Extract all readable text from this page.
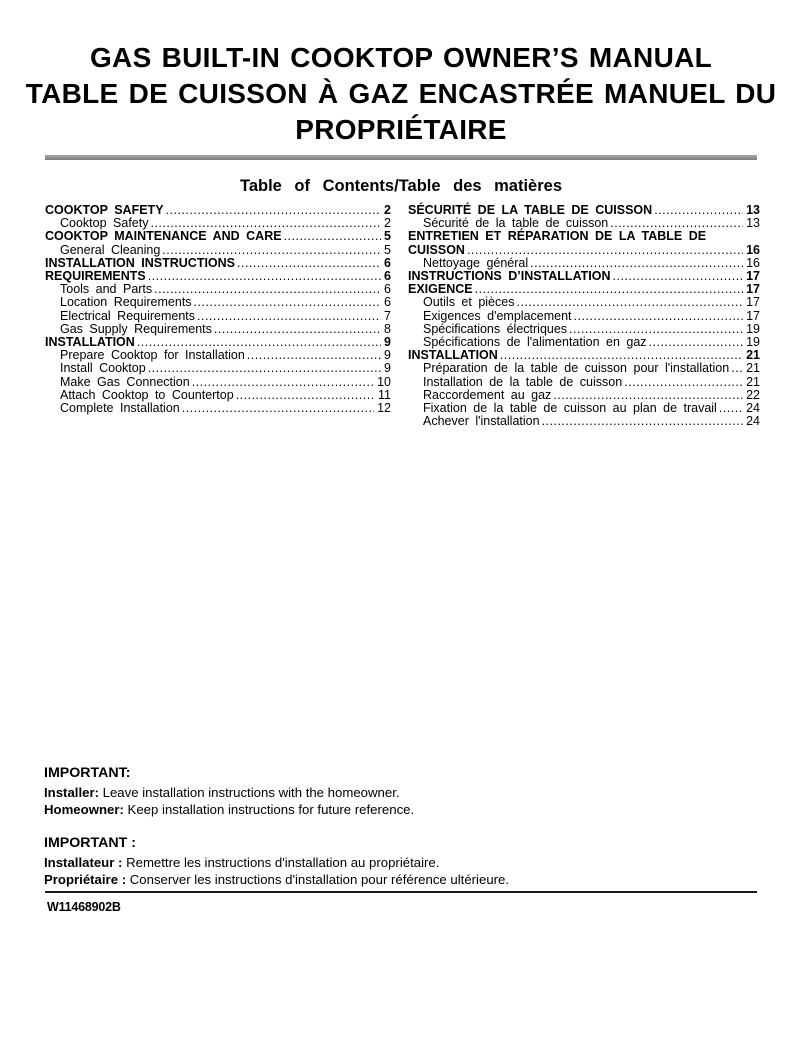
GAS BUILT-IN COOKTOP OWNER’S MANUAL
TABLE DE CUISSON À GAZ ENCASTRÉE MANUEL DU
PROPRIÉTAIRE
Table of Contents/Table des matières
COOKTOP SAFETY .....	2
Cooktop Safety .....	2
COOKTOP MAINTENANCE AND CARE .....	5
General Cleaning .....	5
INSTALLATION INSTRUCTIONS .....	6
REQUIREMENTS .....	6
Tools and Parts .....	6
Location Requirements .....	6
Electrical Requirements .....	7
Gas Supply Requirements .....	8
INSTALLATION .....	9
Prepare Cooktop for Installation .....	9
Install Cooktop .....	9
Make Gas Connection .....	10
Attach Cooktop to Countertop .....	11
Complete Installation .....	12
SÉCURITÉ DE LA TABLE DE CUISSON .....	13
Sécurité de la table de cuisson .....	13
ENTRETIEN ET RÉPARATION DE LA TABLE DE
CUISSON .....	16
Nettoyage général .....	16
INSTRUCTIONS D’INSTALLATION .....	17
EXIGENCE .....	17
Outils et pièces .....	17
Exigences d'emplacement .....	17
Spécifications électriques .....	19
Spécifications de l'alimentation en gaz .....	19
INSTALLATION .....	21
Préparation de la table de cuisson pour l'installation ..... 21
Installation de la table de cuisson .....	21
Raccordement au gaz .....	22
Fixation de la table de cuisson au plan de travail ..... 24
Achever l'installation .....	24
IMPORTANT:
Installer: Leave installation instructions with the homeowner.
Homeowner: Keep installation instructions for future reference.
IMPORTANT :
Installateur : Remettre les instructions d'installation au propriétaire.
Propriétaire : Conserver les instructions d'installation pour référence ultérieure.
W11468902B
